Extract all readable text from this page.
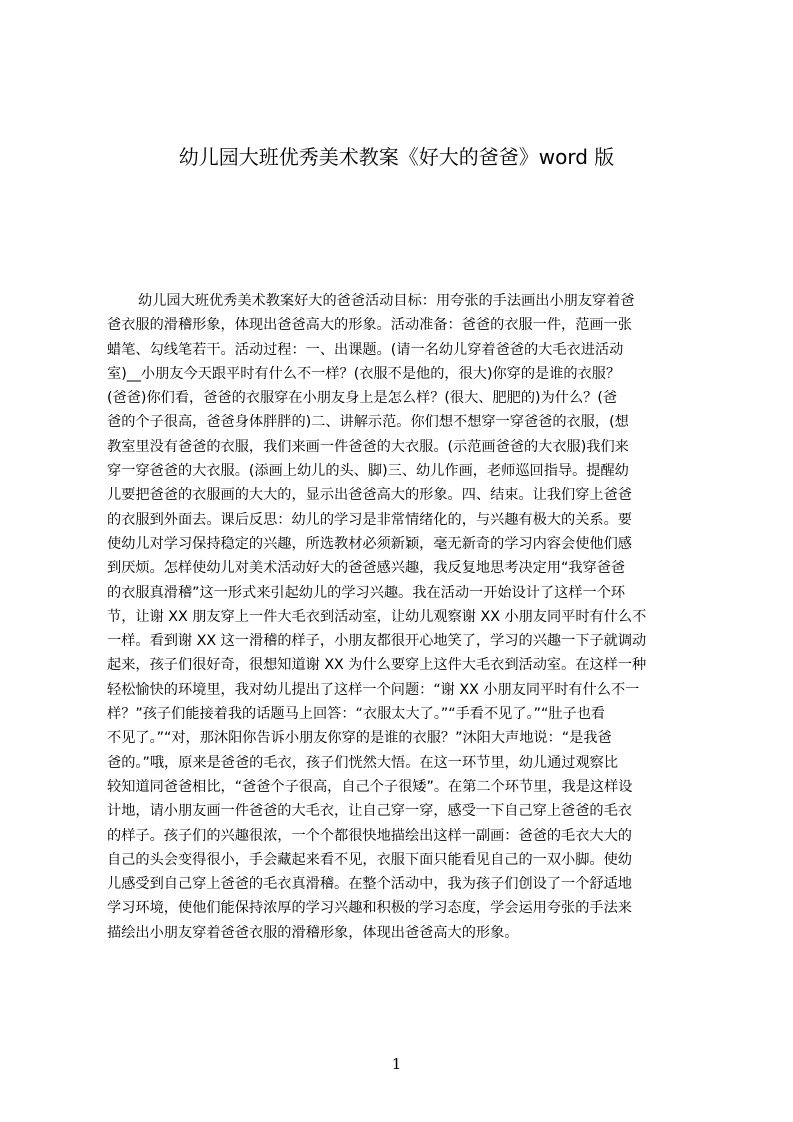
幼儿园大班优秀美术教案《好大的爸爸》word 版
幼儿园大班优秀美术教案好大的爸爸活动目标：用夸张的手法画出小朋友穿着爸
爸衣服的滑稽形象，体现出爸爸高大的形象。活动准备：爸爸的衣服一件，范画一张
蜡笔、勾线笔若干。活动过程：一、出课题。(请一名幼儿穿着爸爸的大毛衣进活动
室)__小朋友今天跟平时有什么不一样？(衣服不是他的，很大)你穿的是谁的衣服？
(爸爸)你们看，爸爸的衣服穿在小朋友身上是怎么样？(很大、肥肥的)为什么？(爸
爸的个子很高，爸爸身体胖胖的)二、讲解示范。你们想不想穿一穿爸爸的衣服，(想
教室里没有爸爸的衣服，我们来画一件爸爸的大衣服。(示范画爸爸的大衣服)我们来
穿一穿爸爸的大衣服。(添画上幼儿的头、脚)三、幼儿作画，老师巡回指导。提醒幼
儿要把爸爸的衣服画的大大的，显示出爸爸高大的形象。四、结束。让我们穿上爸爸
的衣服到外面去。课后反思：幼儿的学习是非常情绪化的，与兴趣有极大的关系。要
使幼儿对学习保持稳定的兴趣，所选教材必须新颖，毫无新奇的学习内容会使他们感
到厌烦。怎样使幼儿对美术活动好大的爸爸感兴趣，我反复地思考决定用“我穿爸爸
的衣服真滑稽”这一形式来引起幼儿的学习兴趣。我在活动一开始设计了这样一个环
节，让谢 XX 朋友穿上一件大毛衣到活动室，让幼儿观察谢 XX 小朋友同平时有什么不
一样。看到谢 XX 这一滑稽的样子，小朋友都很开心地笑了，学习的兴趣一下子就调动
起来，孩子们很好奇，很想知道谢 XX 为什么要穿上这件大毛衣到活动室。在这样一种
轻松愉快的环境里，我对幼儿提出了这样一个问题：“谢 XX 小朋友同平时有什么不一
样？”孩子们能接着我的话题马上回答：“衣服太大了。”“手看不见了。”“肚子也看
不见了。”“对，那沐阳你告诉小朋友你穿的是谁的衣服？”沐阳大声地说：“是我爸
爸的。”哦，原来是爸爸的毛衣，孩子们恍然大悟。在这一环节里，幼儿通过观察比
较知道同爸爸相比，“爸爸个子很高，自己个子很矮”。在第二个环节里，我是这样设
计地，请小朋友画一件爸爸的大毛衣，让自己穿一穿，感受一下自己穿上爸爸的毛衣
的样子。孩子们的兴趣很浓，一个个都很快地描绘出这样一副画：爸爸的毛衣大大的
自己的头会变得很小，手会藏起来看不见，衣服下面只能看见自己的一双小脚。使幼
儿感受到自己穿上爸爸的毛衣真滑稽。在整个活动中，我为孩子们创设了一个舒适地
学习环境，使他们能保持浓厚的学习兴趣和积极的学习态度，学会运用夸张的手法来
描绘出小朋友穿着爸爸衣服的滑稽形象，体现出爸爸高大的形象。
1
